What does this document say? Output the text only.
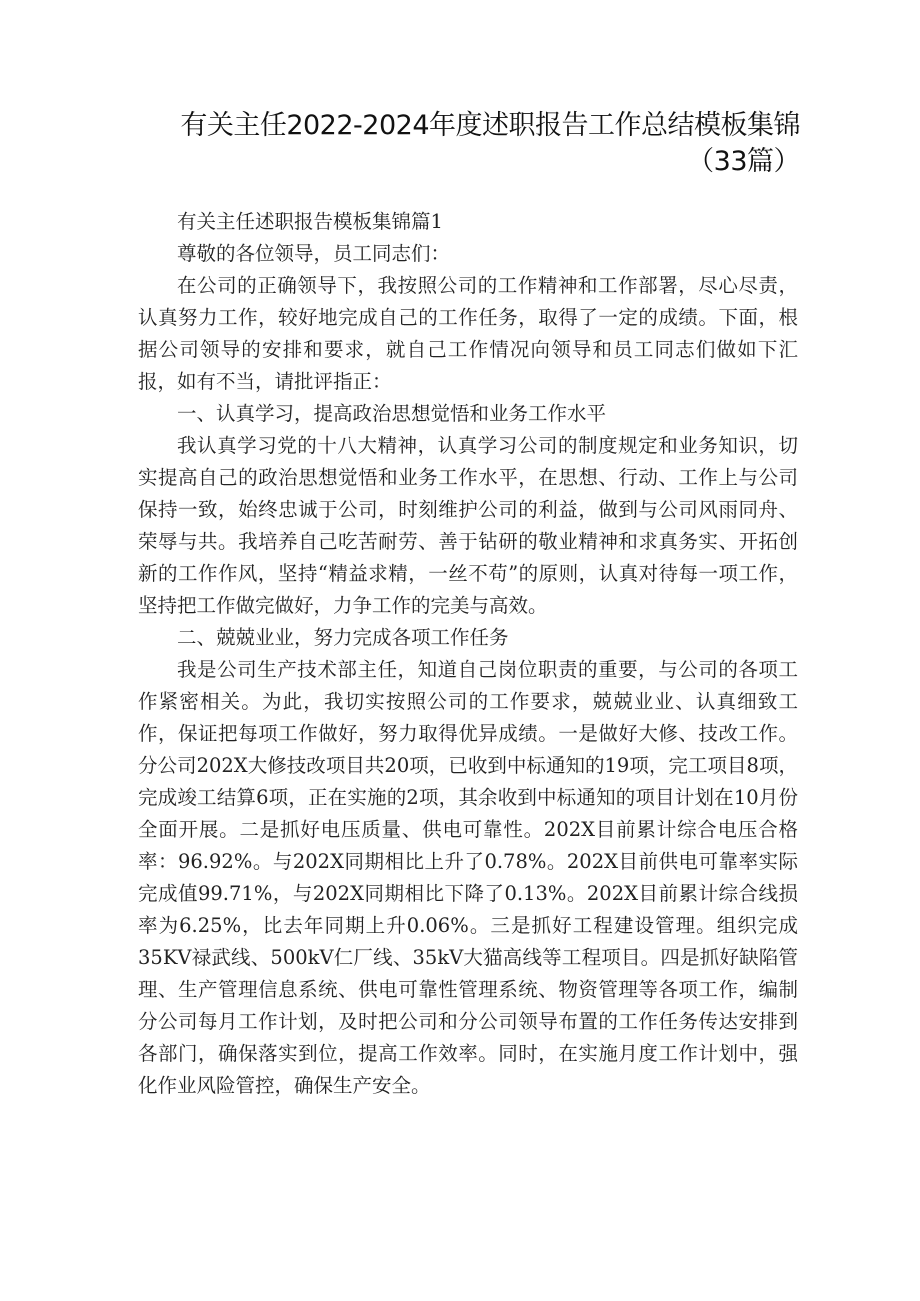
有关主任2022-2024年度述职报告工作总结模板集锦（33篇）

有关主任述职报告模板集锦篇1

尊敬的各位领导，员工同志们：

在公司的正确领导下，我按照公司的工作精神和工作部署，尽心尽责，认真努力工作，较好地完成自己的工作任务，取得了一定的成绩。下面，根据公司领导的安排和要求，就自己工作情况向领导和员工同志们做如下汇报，如有不当，请批评指正：

一、认真学习，提高政治思想觉悟和业务工作水平

我认真学习党的十八大精神，认真学习公司的制度规定和业务知识，切实提高自己的政治思想觉悟和业务工作水平，在思想、行动、工作上与公司保持一致，始终忠诚于公司，时刻维护公司的利益，做到与公司风雨同舟、荣辱与共。我培养自己吃苦耐劳、善于钻研的敬业精神和求真务实、开拓创新的工作作风，坚持“精益求精，一丝不苟”的原则，认真对待每一项工作，坚持把工作做完做好，力争工作的完美与高效。

二、兢兢业业，努力完成各项工作任务

我是公司生产技术部主任，知道自己岗位职责的重要，与公司的各项工作紧密相关。为此，我切实按照公司的工作要求，兢兢业业、认真细致工作，保证把每项工作做好，努力取得优异成绩。一是做好大修、技改工作。分公司202X大修技改项目共20项，已收到中标通知的19项，完工项目8项，完成竣工结算6项，正在实施的2项，其余收到中标通知的项目计划在10月份全面开展。二是抓好电压质量、供电可靠性。202X目前累计综合电压合格率：96.92%。与202X同期相比上升了0.78%。202X目前供电可靠率实际完成值99.71%，与202X同期相比下降了0.13%。202X目前累计综合线损率为6.25%，比去年同期上升0.06%。三是抓好工程建设管理。组织完成35KV禄武线、500kV仁厂线、35kV大猫高线等工程项目。四是抓好缺陷管理、生产管理信息系统、供电可靠性管理系统、物资管理等各项工作，编制分公司每月工作计划，及时把公司和分公司领导布置的工作任务传达安排到各部门，确保落实到位，提高工作效率。同时，在实施月度工作计划中，强化作业风险管控，确保生产安全。
